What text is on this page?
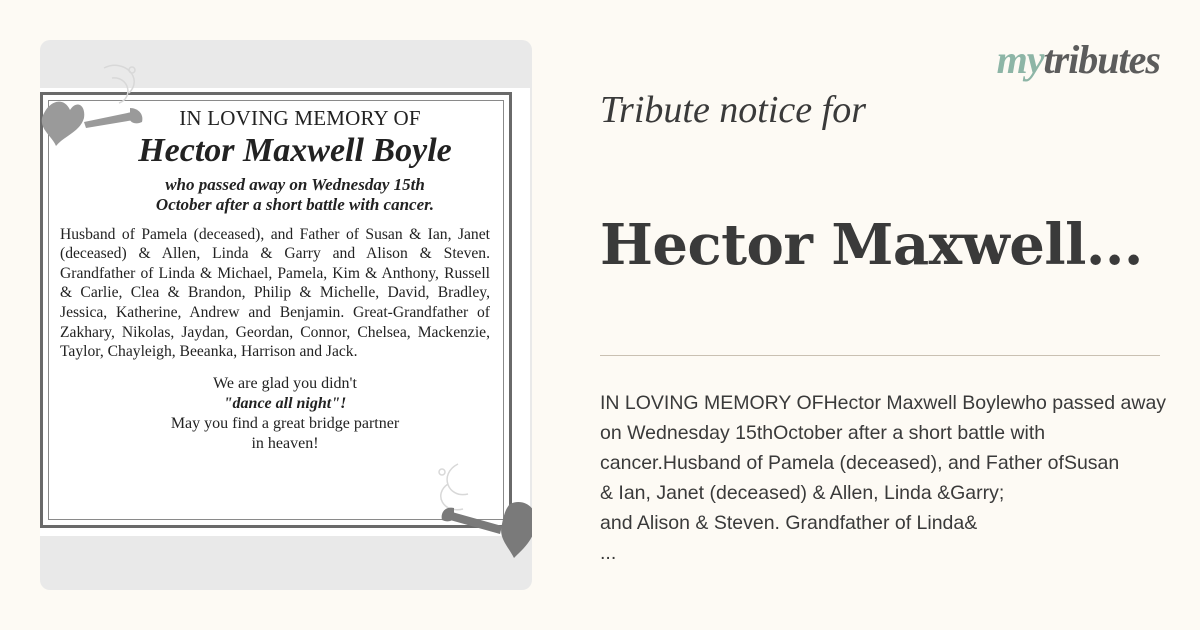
IN LOVING MEMORY OF
Hector Maxwell Boyle
who passed away on Wednesday 15th
October after a short battle with cancer.
Husband of Pamela (deceased), and Father of Susan & Ian, Janet (deceased) & Allen, Linda & Garry and Alison & Steven. Grandfather of Linda & Michael, Pamela, Kim & Anthony, Russell & Carlie, Clea & Brandon, Philip & Michelle, David, Bradley, Jessica, Katherine, Andrew and Benjamin. Great-Grandfather of Zakhary, Nikolas, Jaydan, Geordan, Connor, Chelsea, Mackenzie, Taylor, Chayleigh, Beeanka, Harrison and Jack.
We are glad you didn't
"dance all night"!
May you find a great bridge partner
in heaven!
mytributes
Tribute notice for
Hector Maxwell...
IN LOVING MEMORY OFHector Maxwell Boylewho passed away
on Wednesday 15thOctober after a short battle with
cancer.Husband of Pamela (deceased), and Father ofSusan
& Ian, Janet (deceased) & Allen, Linda &Garry;
and Alison & Steven. Grandfather of Linda&
...
